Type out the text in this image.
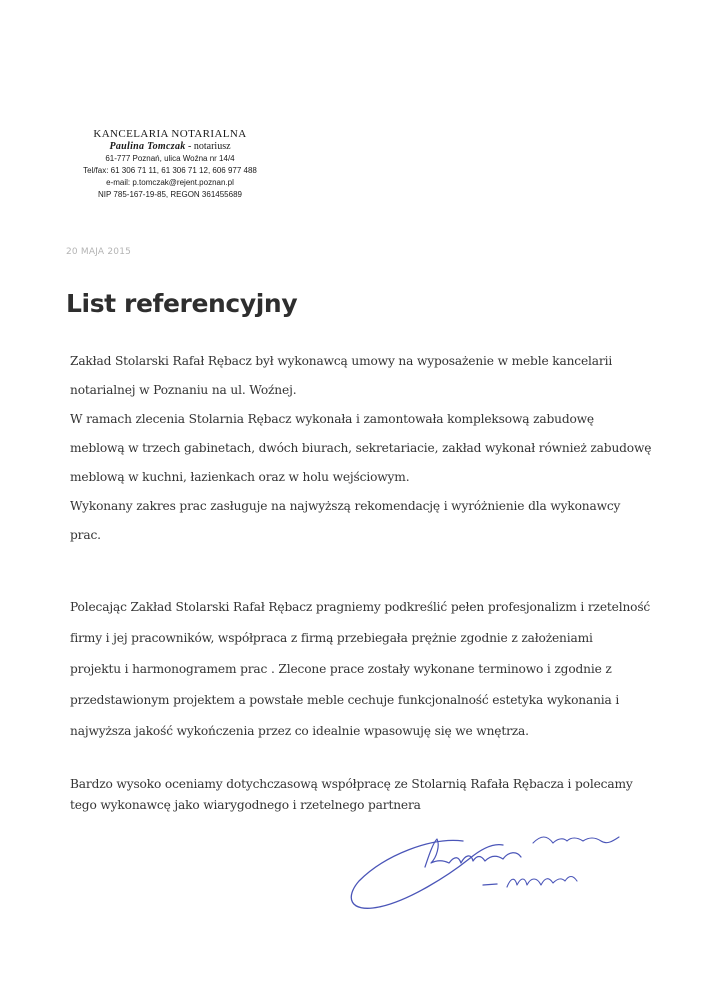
KANCELARIA NOTARIALNA
Paulina Tomczak - notariusz
61-777 Poznań, ulica Woźna nr 14/4
Tel/fax: 61 306 71 11, 61 306 71 12, 606 977 488
e-mail: p.tomczak@rejent.poznan.pl
NIP 785-167-19-85, REGON 361455689
20 MAJA 2015
List referencyjny
Zakład Stolarski Rafał Rębacz był wykonawcą umowy na wyposażenie w meble kancelarii
notarialnej w Poznaniu na ul. Woźnej.
W ramach zlecenia Stolarnia Rębacz wykonała i zamontowała kompleksową zabudowę
meblową w trzech gabinetach, dwóch biurach, sekretariacie, zakład wykonał również zabudowę
meblową w kuchni, łazienkach oraz w holu wejściowym.
Wykonany zakres prac zasługuje na najwyższą rekomendację i wyróżnienie dla wykonawcy
prac.
Polecając Zakład Stolarski Rafał Rębacz pragniemy podkreślić pełen profesjonalizm i rzetelność
firmy i jej pracowników, współpraca z firmą przebiegała prężnie zgodnie z założeniami
projektu i harmonogramem prac . Zlecone prace zostały wykonane terminowo i zgodnie z
przedstawionym projektem a powstałe meble cechuje funkcjonalność estetyka wykonania i
najwyższa jakość wykończenia przez co idealnie wpasowuję się we wnętrza.
Bardzo wysoko oceniamy dotychczasową współpracę ze Stolarnią Rafała Rębacza i polecamy
tego wykonawcę jako wiarygodnego i rzetelnego partnera
